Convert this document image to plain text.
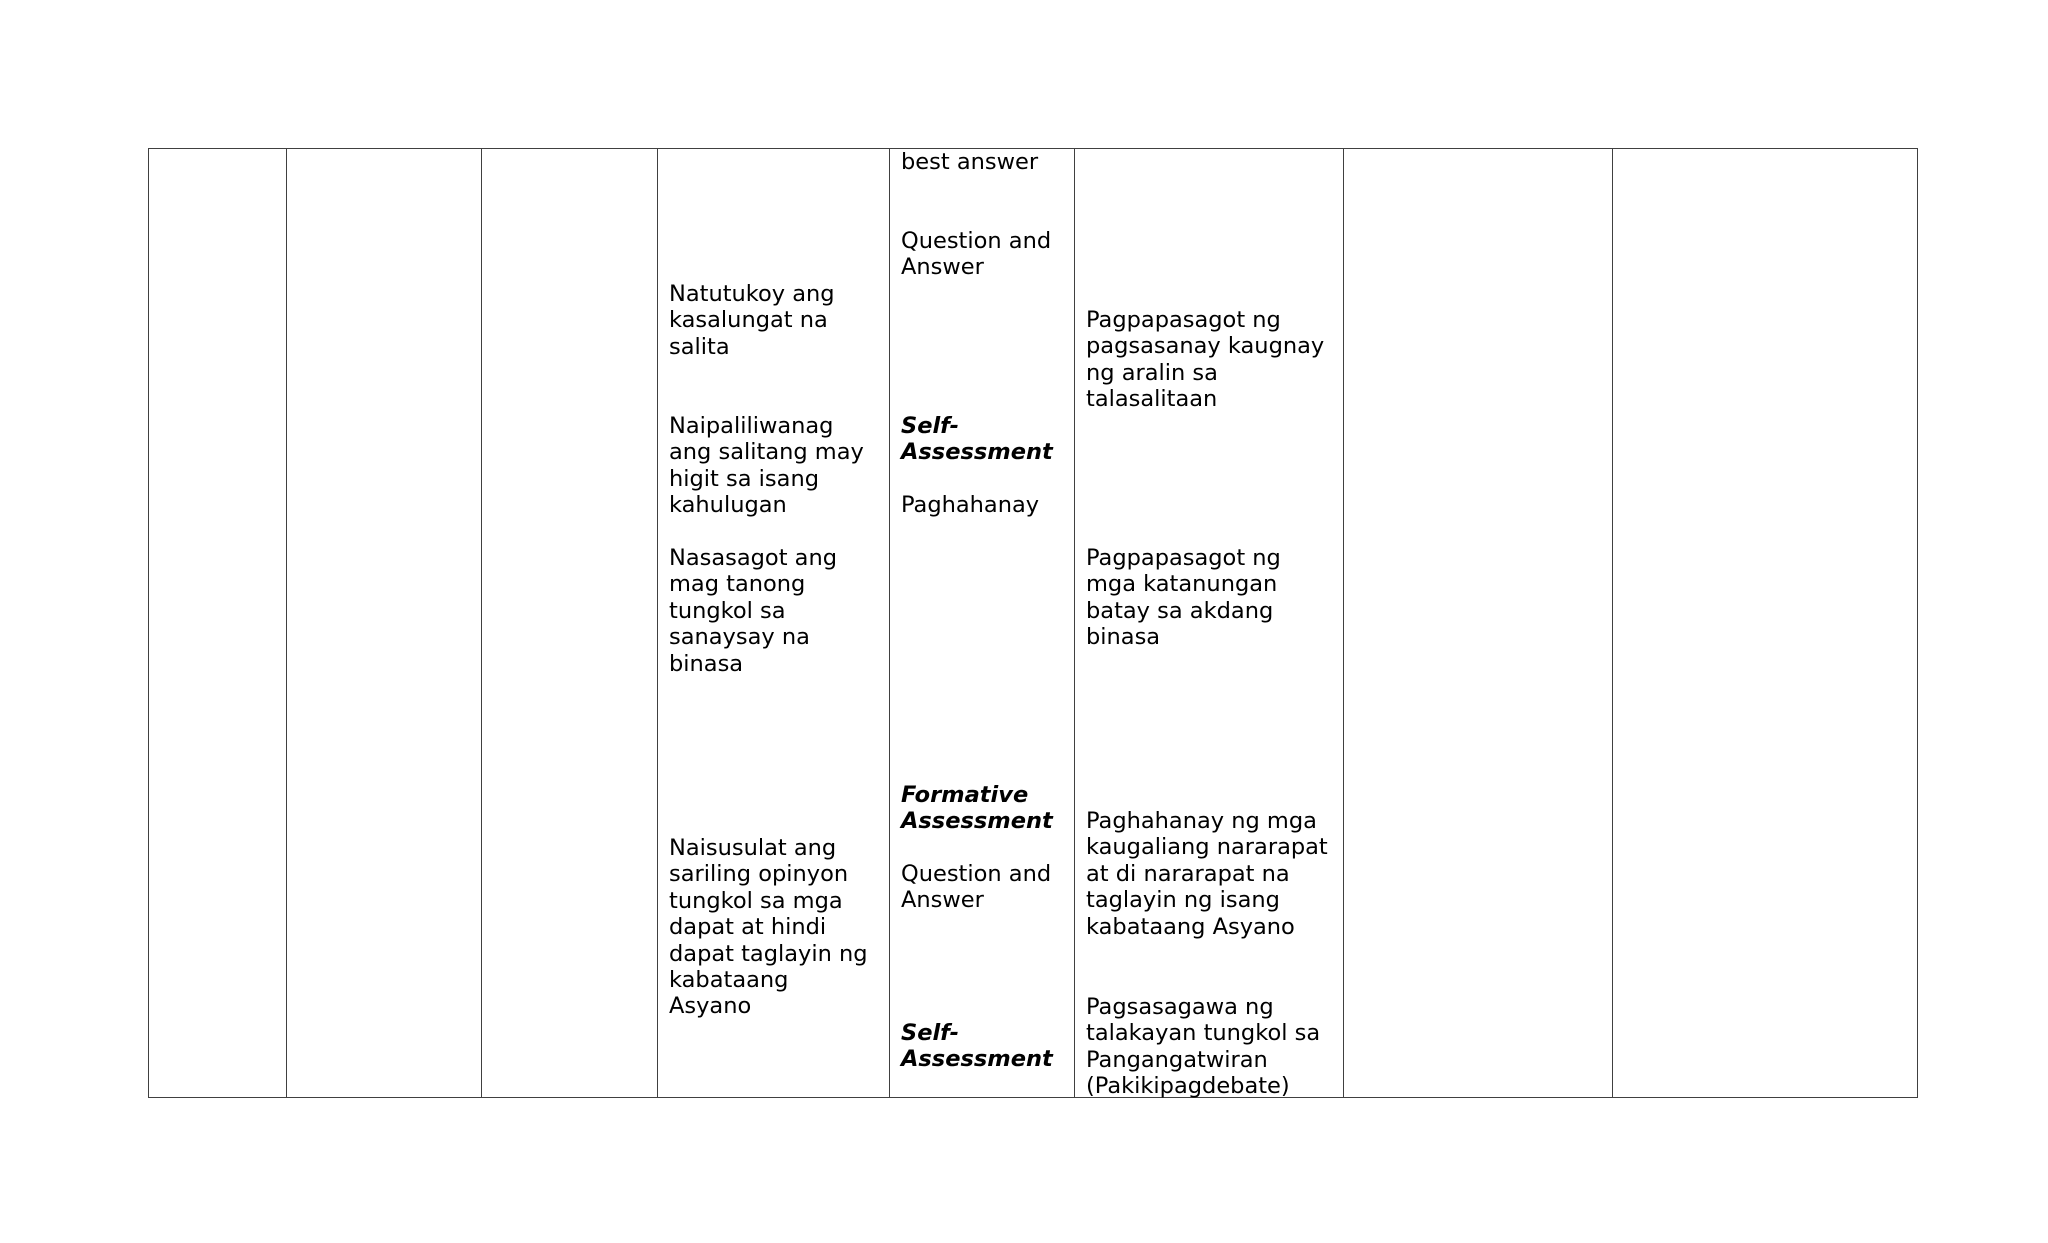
Natutukoy ang
kasalungat na
salita

Naipaliliwanag
ang salitang may
higit sa isang
kahulugan

Nasasagot ang
mag tanong
tungkol sa
sanaysay na
binasa

Naisusulat ang
sariling opinyon
tungkol sa mga
dapat at hindi
dapat taglayin ng
kabataang
Asyano

best answer

Question and
Answer

Self-
Assessment

Paghahanay

Formative
Assessment

Question and
Answer

Self-
Assessment

Pagpapasagot ng
pagsasanay kaugnay
ng aralin sa
talasalitaan

Pagpapasagot ng
mga katanungan
batay sa akdang
binasa

Paghahanay ng mga
kaugaliang nararapat
at di nararapat na
taglayin ng isang
kabataang Asyano

Pagsasagawa ng
talakayan tungkol sa
Pangangatwiran
(Pakikipagdebate)
